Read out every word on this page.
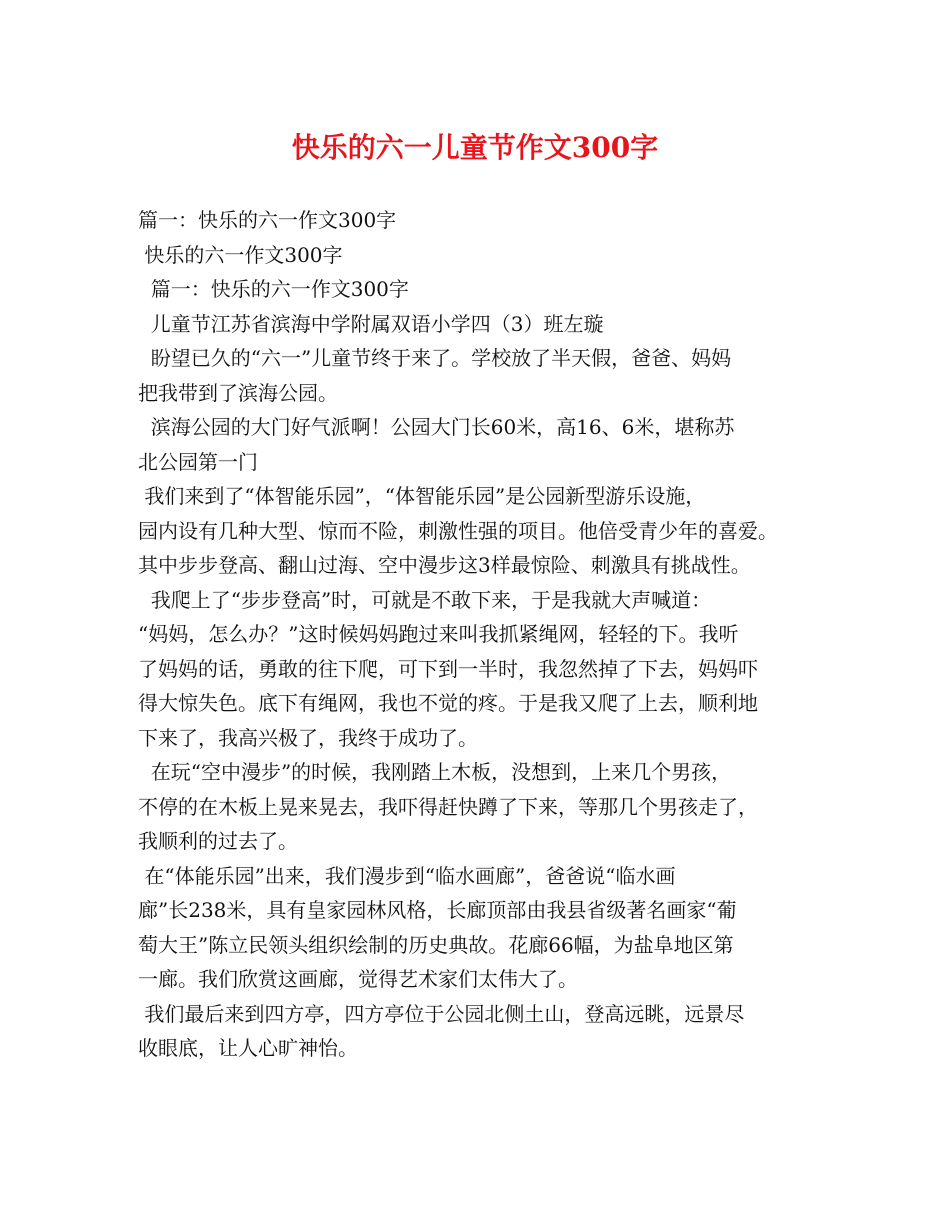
快乐的六一儿童节作文300字
篇一：快乐的六一作文300字
快乐的六一作文300字
篇一：快乐的六一作文300字
儿童节江苏省滨海中学附属双语小学四（3）班左璇
盼望已久的“六一”儿童节终于来了。学校放了半天假，爸爸、妈妈
把我带到了滨海公园。
滨海公园的大门好气派啊！公园大门长60米，高16、6米，堪称苏
北公园第一门
我们来到了“体智能乐园”，“体智能乐园”是公园新型游乐设施，
园内设有几种大型、惊而不险，刺激性强的项目。他倍受青少年的喜爱。
其中步步登高、翻山过海、空中漫步这3样最惊险、刺激具有挑战性。
我爬上了“步步登高”时，可就是不敢下来，于是我就大声喊道：
“妈妈，怎么办？”这时候妈妈跑过来叫我抓紧绳网，轻轻的下。我听
了妈妈的话，勇敢的往下爬，可下到一半时，我忽然掉了下去，妈妈吓
得大惊失色。底下有绳网，我也不觉的疼。于是我又爬了上去，顺利地
下来了，我高兴极了，我终于成功了。
在玩“空中漫步”的时候，我刚踏上木板，没想到，上来几个男孩，
不停的在木板上晃来晃去，我吓得赶快蹲了下来，等那几个男孩走了，
我顺利的过去了。
在“体能乐园”出来，我们漫步到“临水画廊”，爸爸说“临水画
廊”长238米，具有皇家园林风格，长廊顶部由我县省级著名画家“葡
萄大王”陈立民领头组织绘制的历史典故。花廊66幅，为盐阜地区第
一廊。我们欣赏这画廊，觉得艺术家们太伟大了。
我们最后来到四方亭，四方亭位于公园北侧土山，登高远眺，远景尽
收眼底，让人心旷神怡。
